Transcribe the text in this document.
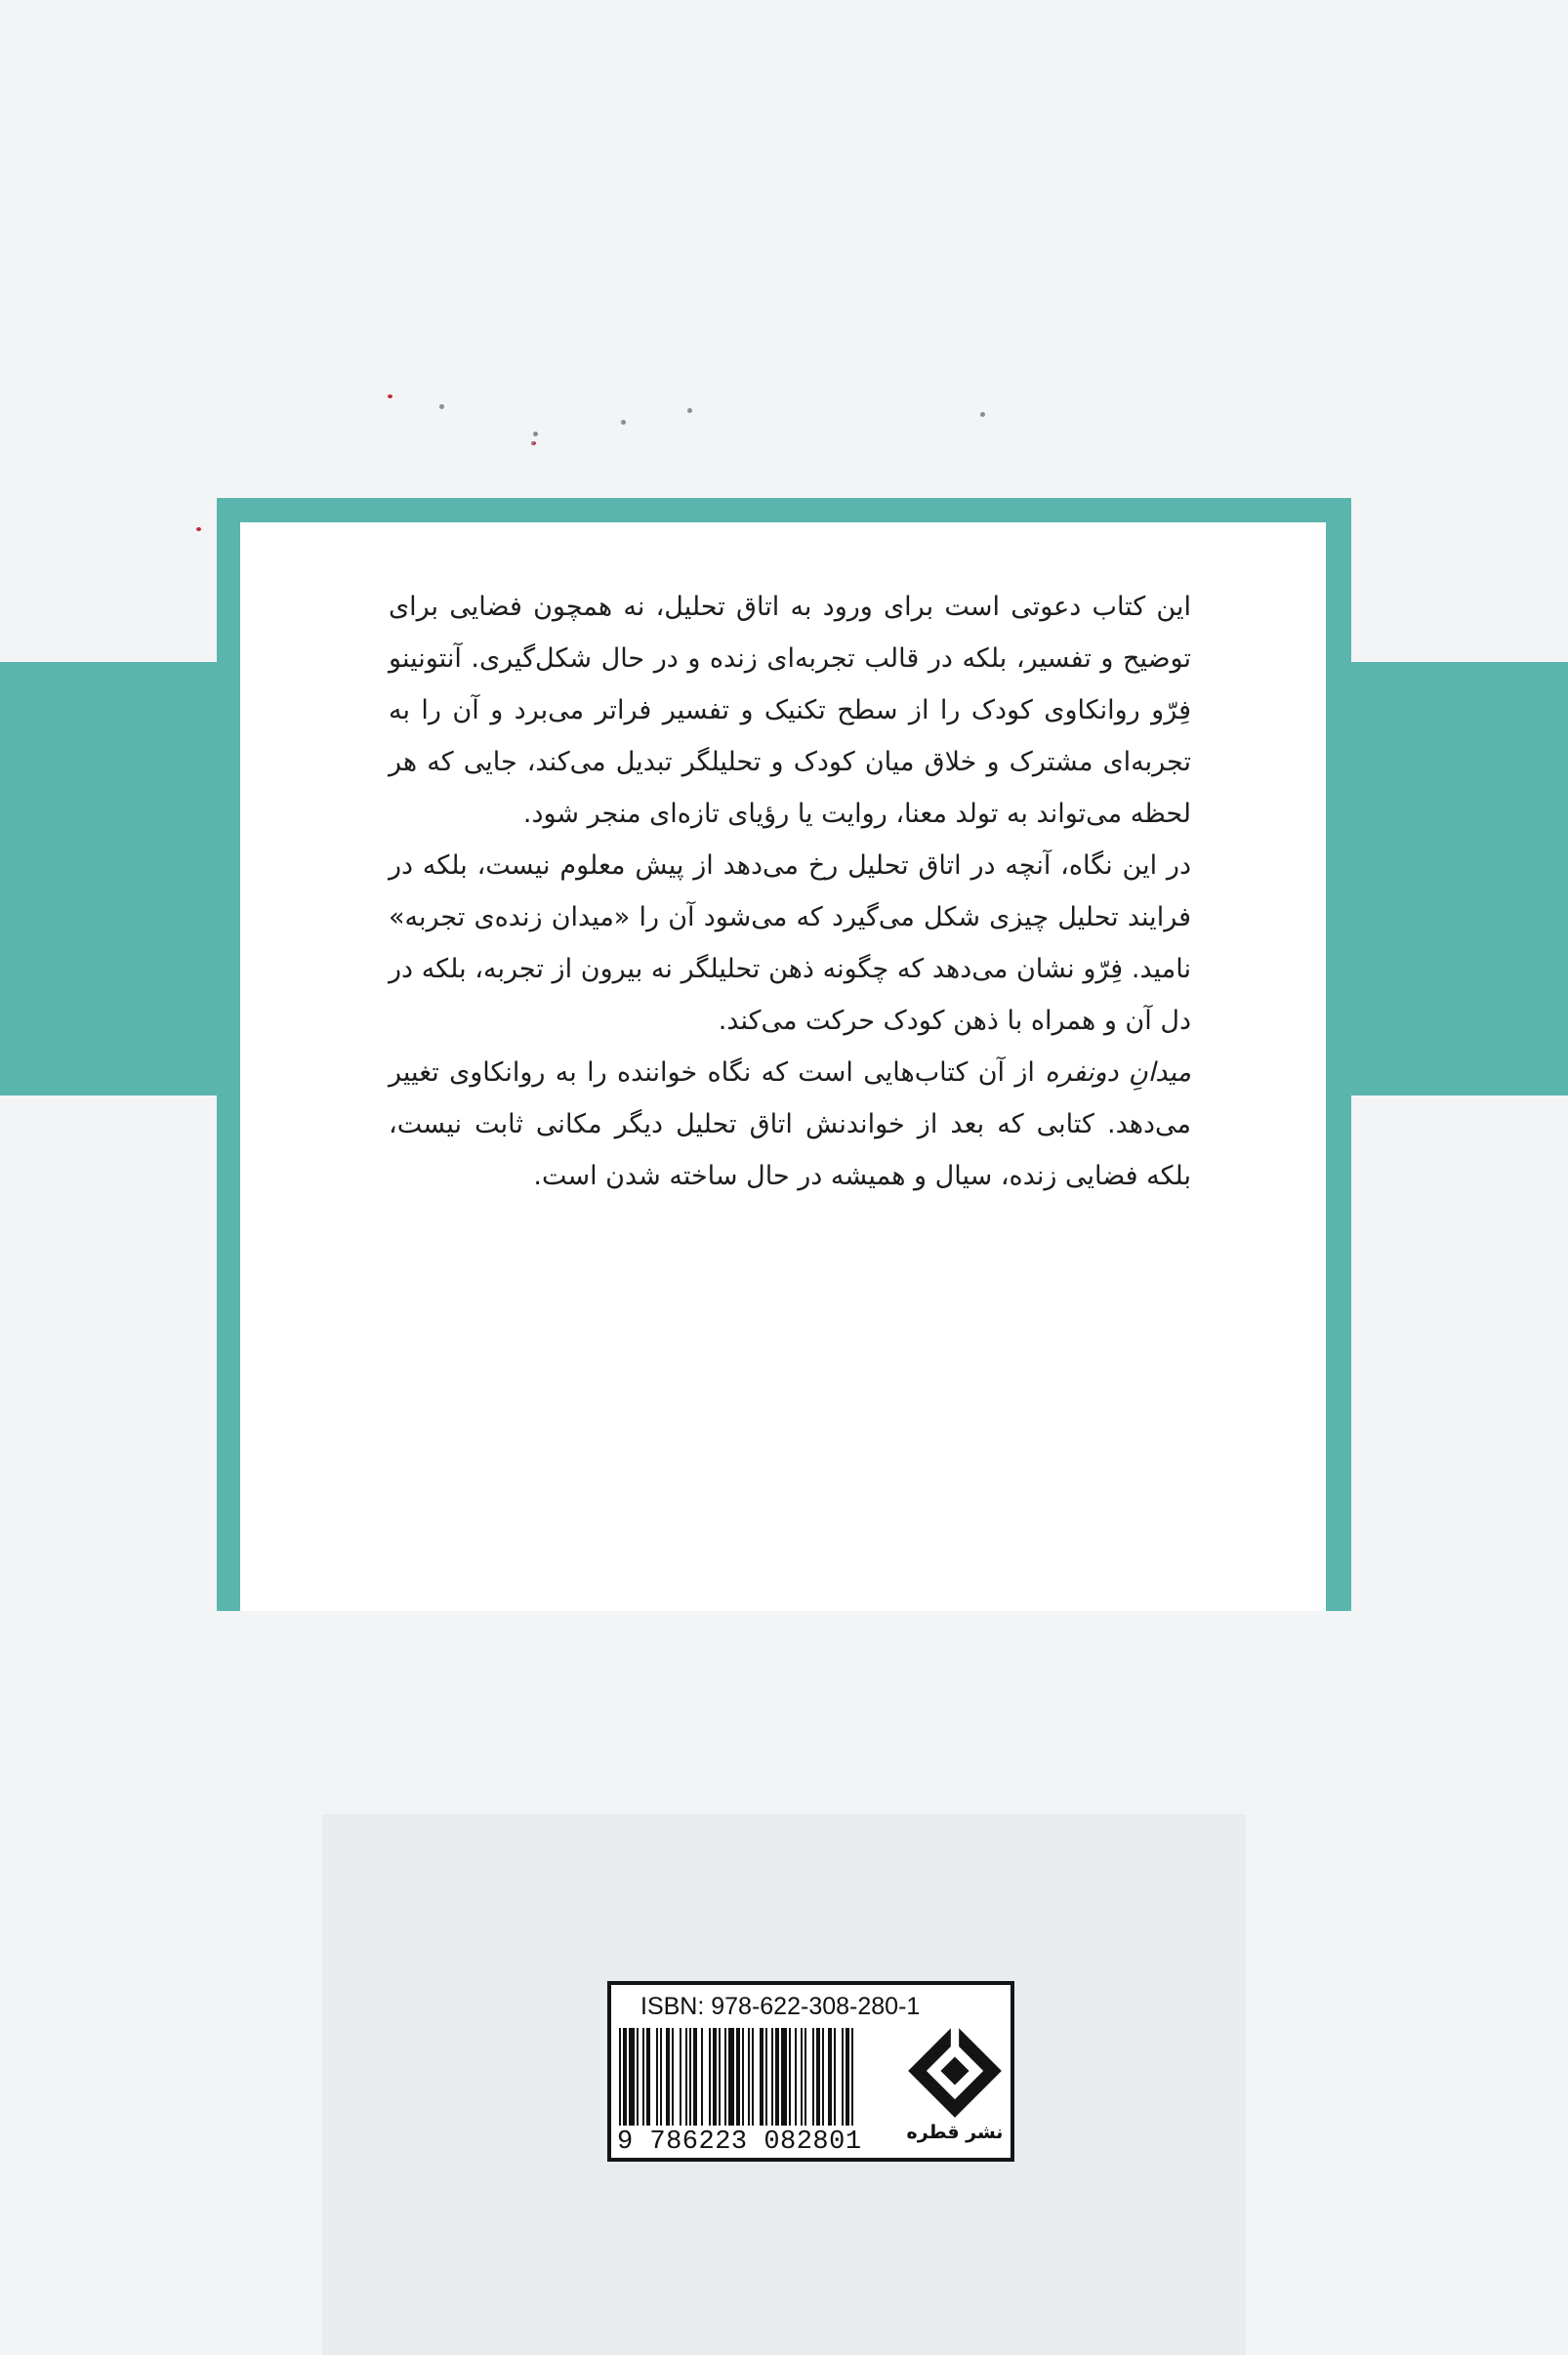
این کتاب دعوتی است برای ورود به اتاق تحلیل، نه همچون فضایی برای توضیح و تفسیر، بلکه در قالب تجربه‌ای زنده و در حال شکل‌گیری. آنتونینو فِرّو روانکاوی کودک را از سطح تکنیک و تفسیر فراتر می‌برد و آن را به تجربه‌ای مشترک و خلاق میان کودک و تحلیلگر تبدیل می‌کند، جایی که هر لحظه می‌تواند به تولد معنا، روایت یا رؤیای تازه‌ای منجر شود.

در این نگاه، آنچه در اتاق تحلیل رخ می‌دهد از پیش معلوم نیست، بلکه در فرایند تحلیل چیزی شکل می‌گیرد که می‌شود آن را «میدان زنده‌ی تجربه» نامید. فِرّو نشان می‌دهد که چگونه ذهن تحلیلگر نه بیرون از تجربه، بلکه در دل آن و همراه با ذهن کودک حرکت می‌کند.

میدانِ دونفره از آن کتاب‌هایی است که نگاه خواننده را به روانکاوی تغییر می‌دهد. کتابی که بعد از خواندنش اتاق تحلیل دیگر مکانی ثابت نیست، بلکه فضایی زنده، سیال و همیشه در حال ساخته شدن است.

ISBN: 978-622-308-280-1
9 786223 082801 نشر قطره
